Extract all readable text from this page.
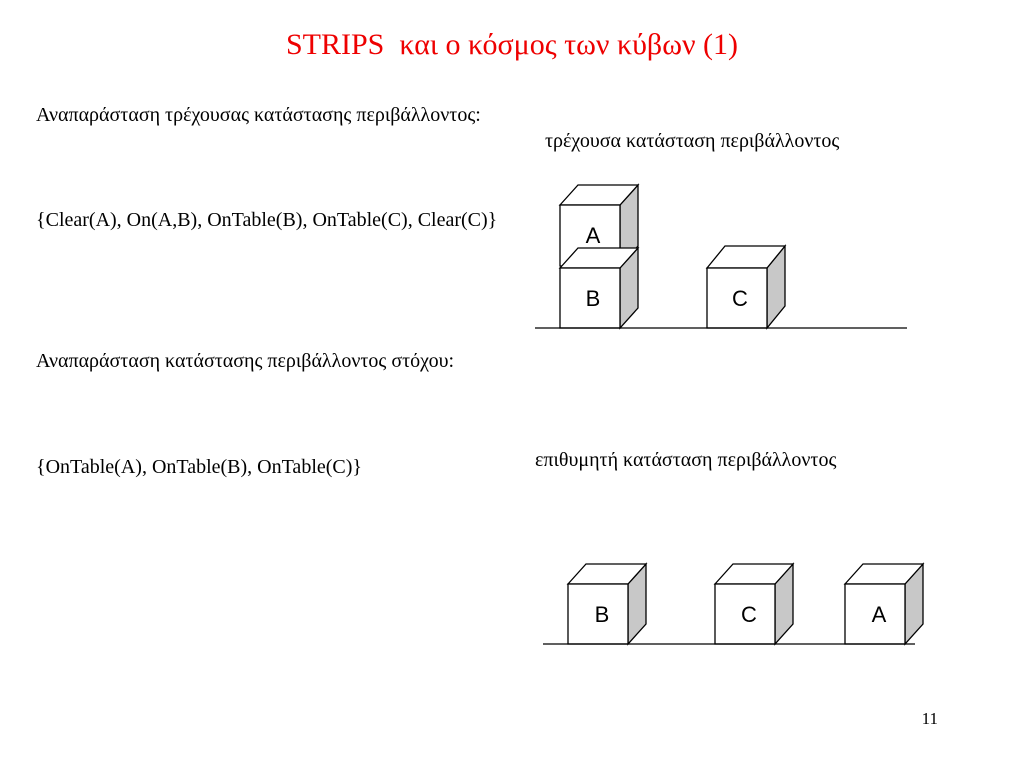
STRIPS  και ο κόσμος των κύβων (1)
Αναπαράσταση τρέχουσας κατάστασης περιβάλλοντος:
{Clear(A), On(A,B), OnTable(B), OnTable(C), Clear(C)}
Αναπαράσταση κατάστασης περιβάλλοντος στόχου:
{OnTable(A), OnTable(B), OnTable(C)}
τρέχουσα κατάσταση περιβάλλοντος
επιθυμητή κατάσταση περιβάλλοντος
A
B	C
B	C	A
11
